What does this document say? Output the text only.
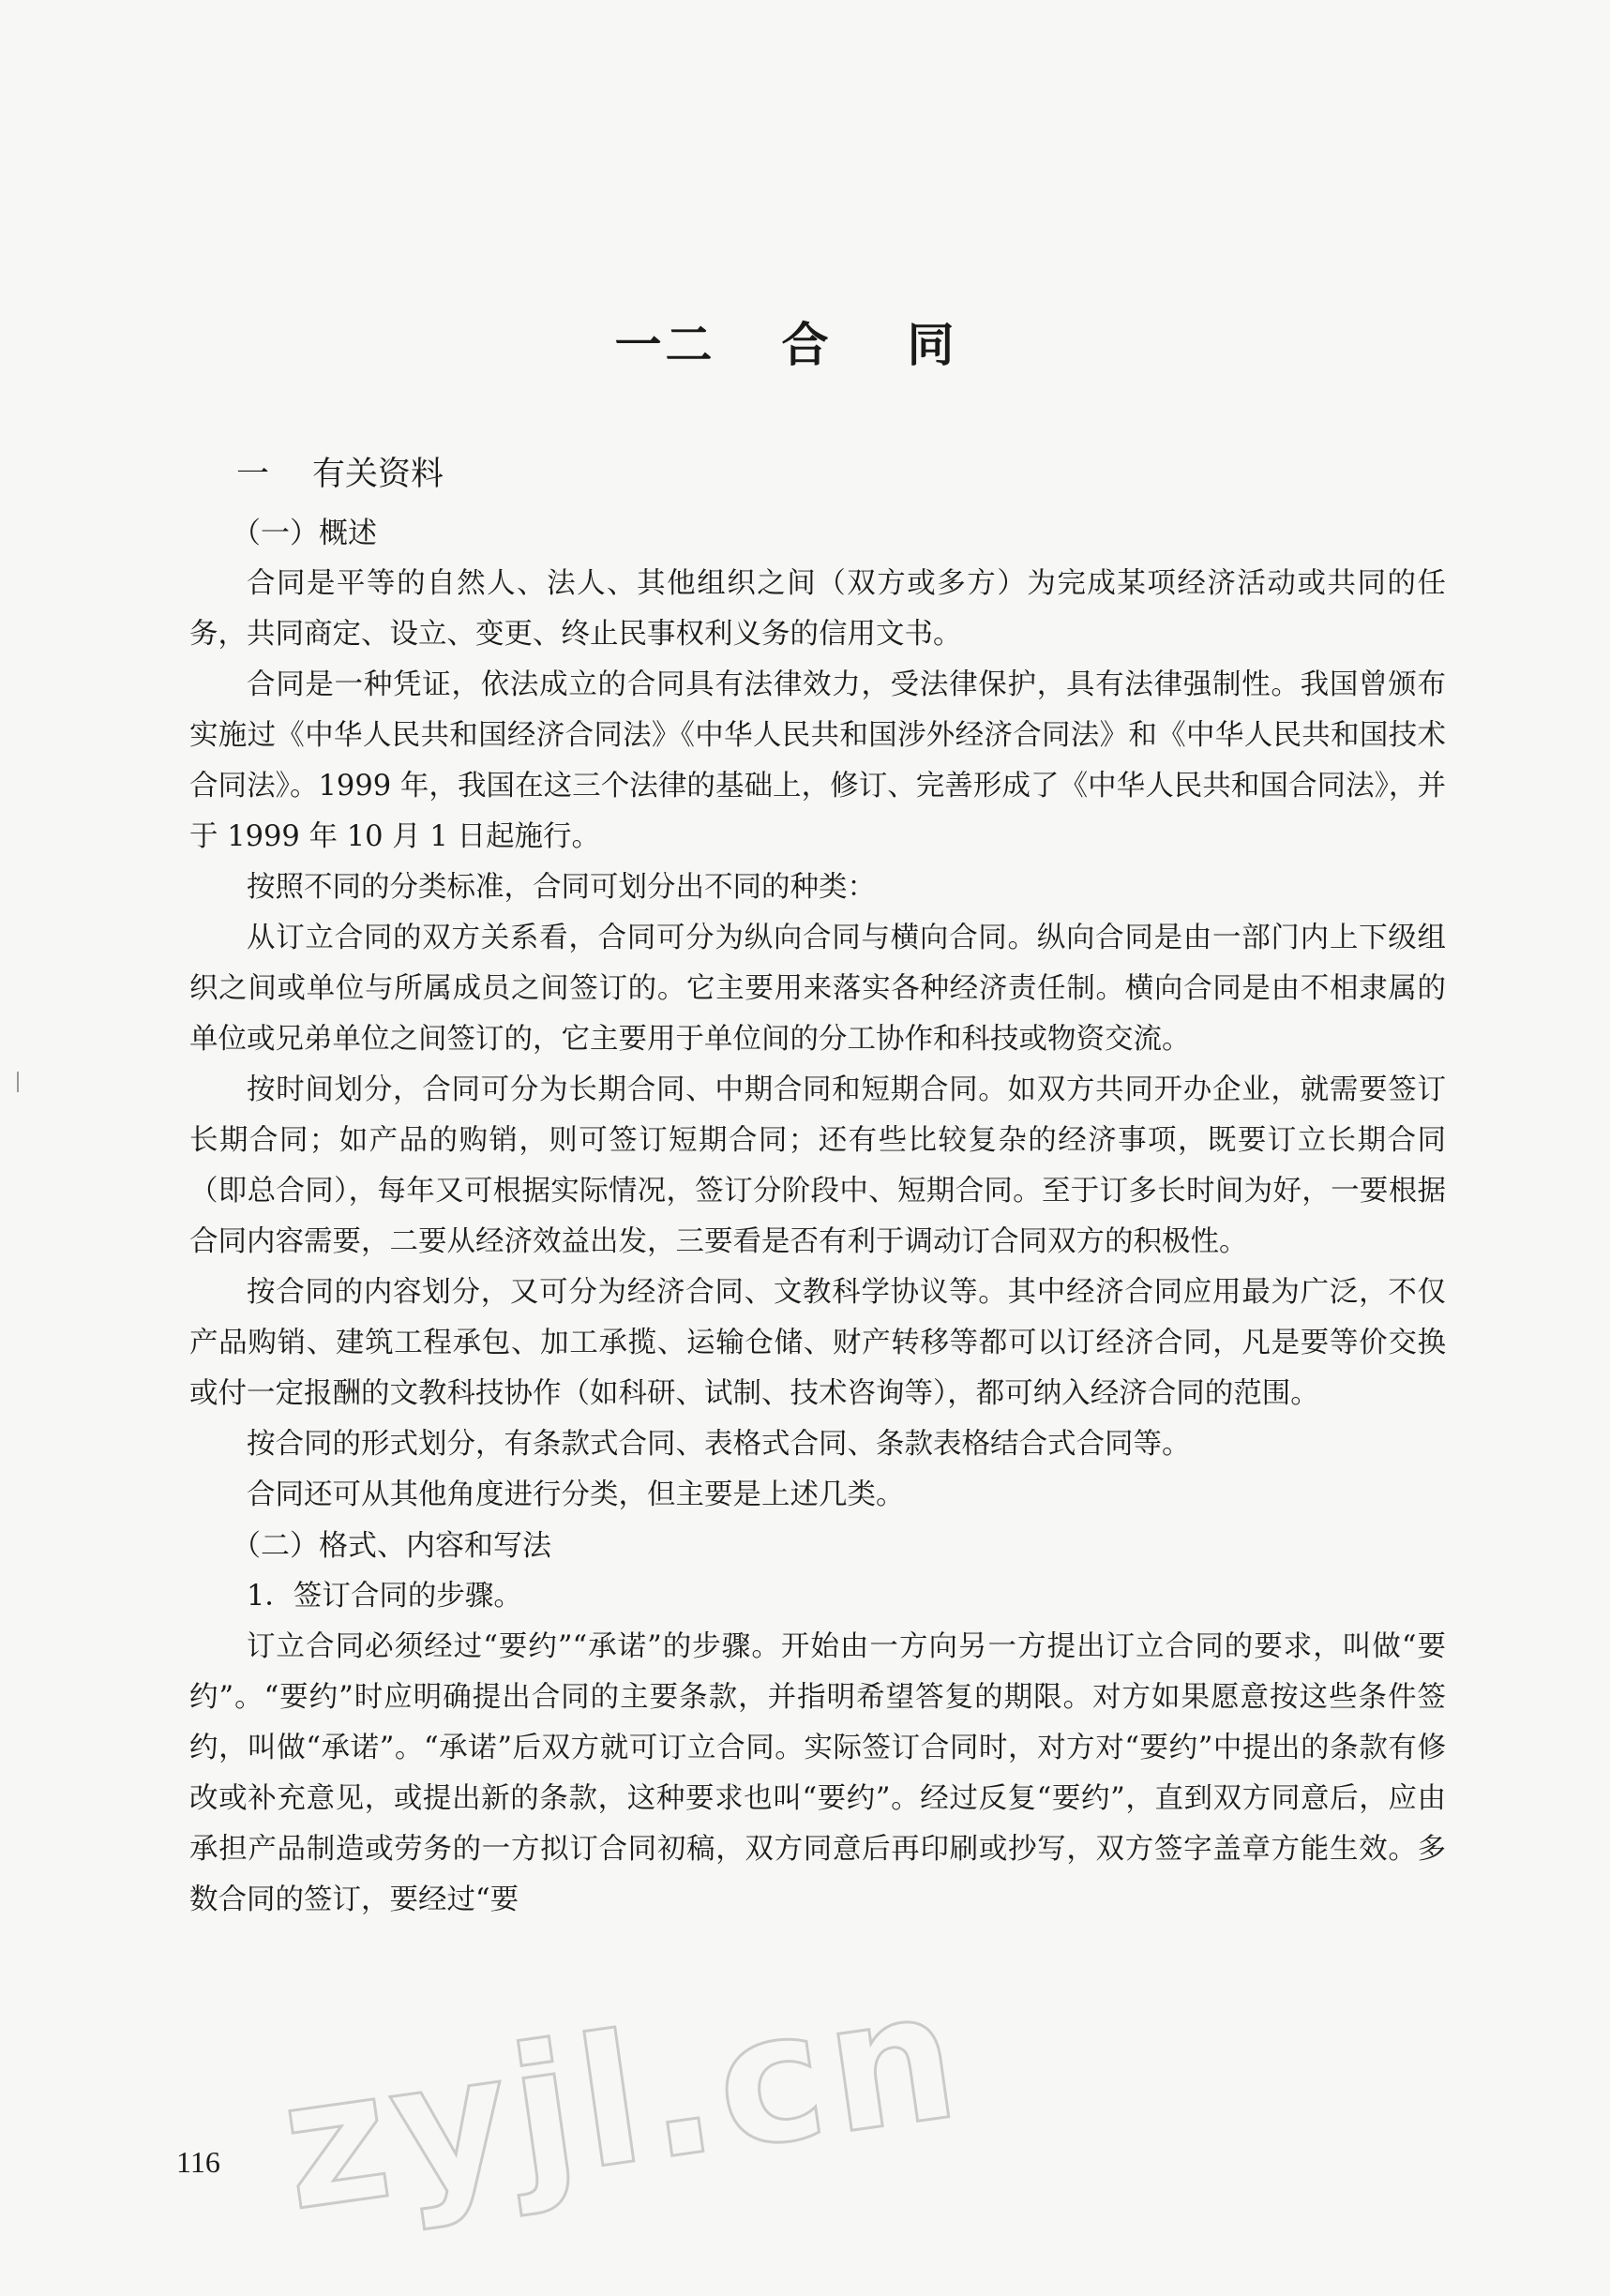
一二 合 同
一 有关资料
（一）概述

合同是平等的自然人、法人、其他组织之间（双方或多方）为完成某项经济活动或共同的任务，共同商定、设立、变更、终止民事权利义务的信用文书。

合同是一种凭证，依法成立的合同具有法律效力，受法律保护，具有法律强制性。我国曾颁布实施过《中华人民共和国经济合同法》《中华人民共和国涉外经济合同法》和《中华人民共和国技术合同法》。1999 年，我国在这三个法律的基础上，修订、完善形成了《中华人民共和国合同法》，并于 1999 年 10 月 1 日起施行。

按照不同的分类标准，合同可划分出不同的种类：

从订立合同的双方关系看，合同可分为纵向合同与横向合同。纵向合同是由一部门内上下级组织之间或单位与所属成员之间签订的。它主要用来落实各种经济责任制。横向合同是由不相隶属的单位或兄弟单位之间签订的，它主要用于单位间的分工协作和科技或物资交流。

按时间划分，合同可分为长期合同、中期合同和短期合同。如双方共同开办企业，就需要签订长期合同；如产品的购销，则可签订短期合同；还有些比较复杂的经济事项，既要订立长期合同（即总合同），每年又可根据实际情况，签订分阶段中、短期合同。至于订多长时间为好，一要根据合同内容需要，二要从经济效益出发，三要看是否有利于调动订合同双方的积极性。

按合同的内容划分，又可分为经济合同、文教科学协议等。其中经济合同应用最为广泛，不仅产品购销、建筑工程承包、加工承揽、运输仓储、财产转移等都可以订经济合同，凡是要等价交换或付一定报酬的文教科技协作（如科研、试制、技术咨询等），都可纳入经济合同的范围。

按合同的形式划分，有条款式合同、表格式合同、条款表格结合式合同等。

合同还可从其他角度进行分类，但主要是上述几类。

（二）格式、内容和写法

1．签订合同的步骤。

订立合同必须经过“要约”“承诺”的步骤。开始由一方向另一方提出订立合同的要求，叫做“要约”。“要约”时应明确提出合同的主要条款，并指明希望答复的期限。对方如果愿意按这些条件签约，叫做“承诺”。“承诺”后双方就可订立合同。实际签订合同时，对方对“要约”中提出的条款有修改或补充意见，或提出新的条款，这种要求也叫“要约”。经过反复“要约”，直到双方同意后，应由承担产品制造或劳务的一方拟订合同初稿，双方同意后再印刷或抄写，双方签字盖章方能生效。多数合同的签订，要经过“要

116 zyjl.cn
